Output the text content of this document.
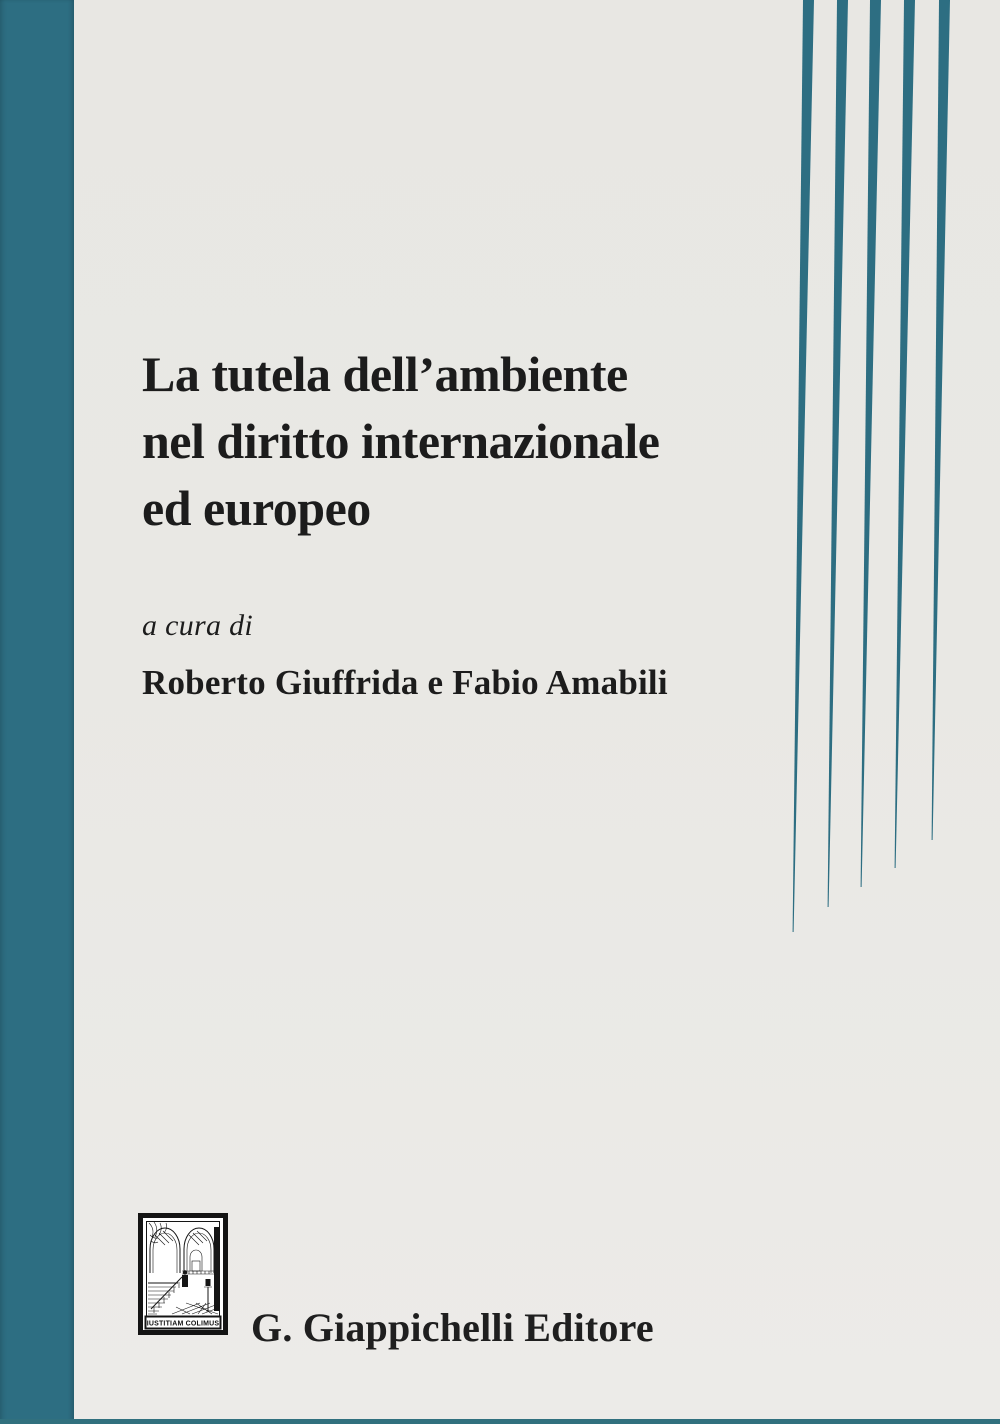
La tutela dell’ambiente
nel diritto internazionale
ed europeo
a cura di
Roberto Giuffrida e Fabio Amabili
IUSTITIAM COLIMUS G. Giappichelli Editore
